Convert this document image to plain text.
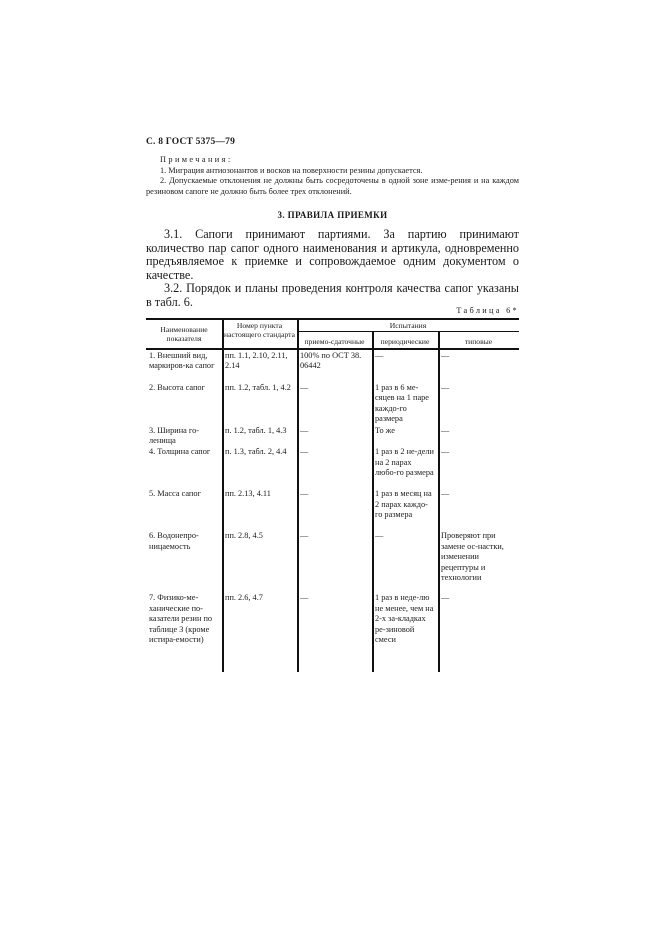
С. 8 ГОСТ 5375—79
Примечания:
1. Миграция антиозонантов и восков на поверхности резины допускается.
2. Допускаемые отклонения не должны быть сосредоточены в одной зоне изме-рения и на каждом резиновом сапоге не должно быть более трех отклонений.
3. ПРАВИЛА ПРИЕМКИ

3.1. Сапоги принимают партиями. За партию принимают количество пар сапог одного наименования и артикула, одновременно предъявляемое к приемке и сопровождаемое одним документом о качестве.

3.2. Порядок и планы проведения контроля качества сапог указаны в табл. 6.

Таблица 6*
Наименование показателя	Номер пункта настоящего стандарта	Испытания		
		приемо-сдаточные	периодические	типовые
1. Внешний вид, маркиров-ка сапог	пп. 1.1, 2.10, 2.11, 2.14	100% по ОСТ 38. 06442	—	—
2. Высота сапог	пп. 1.2, табл. 1, 4.2	—	1 раз в 6 ме-сяцев на 1 паре каждо-го размера	—
3. Ширина го-ленища	п. 1.2, табл. 1, 4.3	—	То же	—
4. Толщина сапог	п. 1.3, табл. 2, 4.4	—	1 раз в 2 не-дели на 2 парах любо-го размера	—
5. Масса сапог	пп. 2.13, 4.11	—	1 раз в месяц на 2 парах каждо-го размера	—
6. Водонепро-ницаемость	пп. 2.8, 4.5	—	—	Проверяют при замене ос-настки, изменении рецептуры и технологии
7. Физико-ме-ханические по-казатели резин по таблице 3 (кроме истира-емости)	пп. 2.6, 4.7	—	1 раз в неде-лю не менее, чем на 2-х за-кладках ре-зиновой смеси	—
